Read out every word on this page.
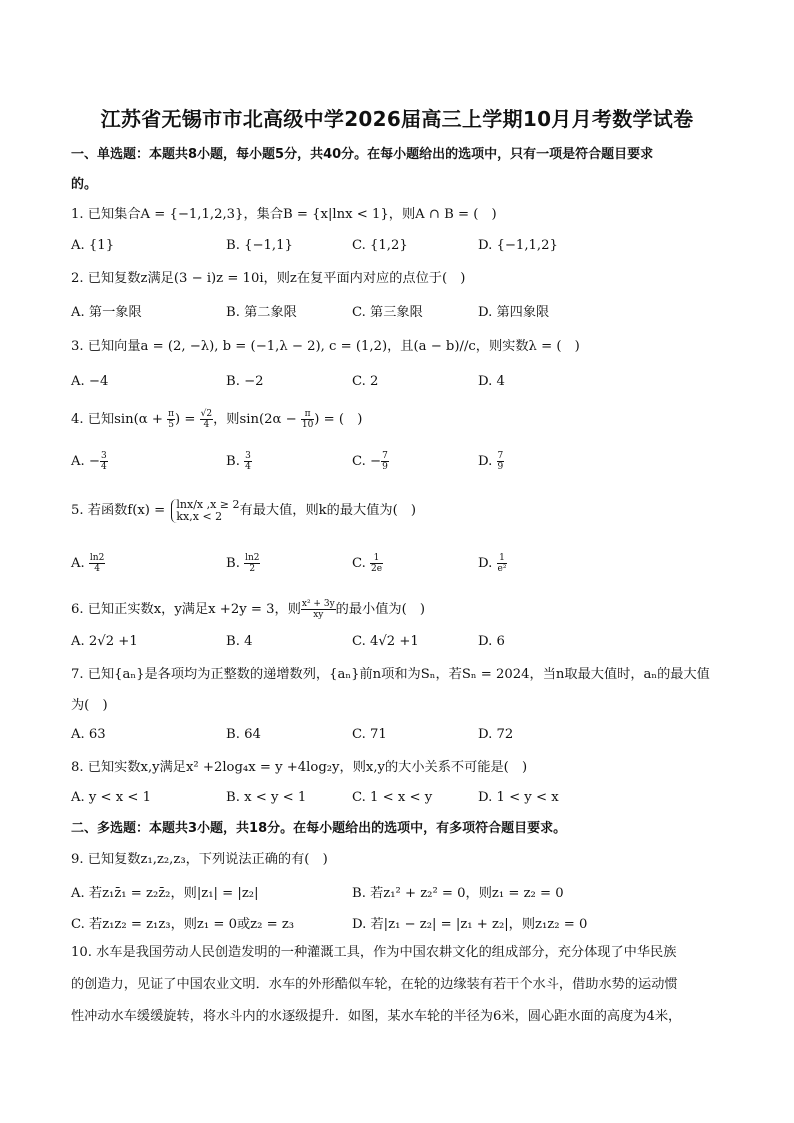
江苏省无锡市市北高级中学2026届高三上学期10月月考数学试卷
一、单选题：本题共8小题，每小题5分，共40分。在每小题给出的选项中，只有一项是符合题目要求
的。
1. 已知集合A = {−1,1,2,3}，集合B = {x|lnx < 1}，则A ∩ B = (　)
A. {1}	B. {−1,1}	C. {1,2}	D. {−1,1,2}
2. 已知复数z满足(3 − i)z = 10i，则z在复平面内对应的点位于(　)
A. 第一象限	B. 第二象限	C. 第三象限	D. 第四象限
3. 已知向量a = (2, −λ), b = (−1,λ − 2), c = (1,2)，且(a − b)//c，则实数λ = (　)
A. −4	B. −2	C. 2	D. 4
4. 已知$\sin(\alpha + \frac{\pi}{5}$ ) = $\frac{√2}{4}$ ，则$\sin(2\alpha - \frac{\pi}{10}$ ) = (　)
A. − $\frac{3}{4}$	B. $\frac{3}{4}$	C. − $\frac{7}{9}$	D. $\frac{7}{9}$
5. 若函数f(x) = lnx/x ,x ≥ 2
kx,x < 2	有最大值，则k的最大值为(　)
A. $\frac{\ln 2}{4}$	B. $\frac{\ln 2}{2}$	C. $\frac{1}{2e}$	D. $\frac{1}{\text{e²}}$
6. 已知正实数x，y满足x +2y = 3，则 $\frac{\text{x² + 3y}}{xy}$ 的最小值为(　)
A. 2√2 +1	B. 4	C. 4√2 +1	D. 6
7. 已知{aₙ}是各项均为正整数的递增数列，{aₙ}前n项和为Sₙ，若Sₙ = 2024，当n取最大值时，aₙ的最大值
为(　)
A. 63	B. 64	C. 71	D. 72
8. 已知实数x,y满足x² +2log₄x = y +4log₂y，则x,y的大小关系不可能是(　)
A. y < x < 1	B. x < y < 1	C. 1 < x < y	D. 1 < y < x
二、多选题：本题共3小题，共18分。在每小题给出的选项中，有多项符合题目要求。
9. 已知复数z₁,z₂,z₃，下列说法正确的有(　)
A. 若z₁z̄₁ = z₂z̄₂，则|z₁| = |z₂|	B. 若z₁² + z₂² = 0，则z₁ = z₂ = 0
C. 若z₁z₂ = z₁z₃，则z₁ = 0或z₂ = z₃	D. 若|z₁ − z₂| = |z₁ + z₂|，则z₁z₂ = 0
10. 水车是我国劳动人民创造发明的一种灌溉工具，作为中国农耕文化的组成部分，充分体现了中华民族
的创造力，见证了中国农业文明．水车的外形酷似车轮，在轮的边缘装有若干个水斗，借助水势的运动惯
性冲动水车缓缓旋转，将水斗内的水逐级提升．如图，某水车轮的半径为6米，圆心距水面的高度为4米，
